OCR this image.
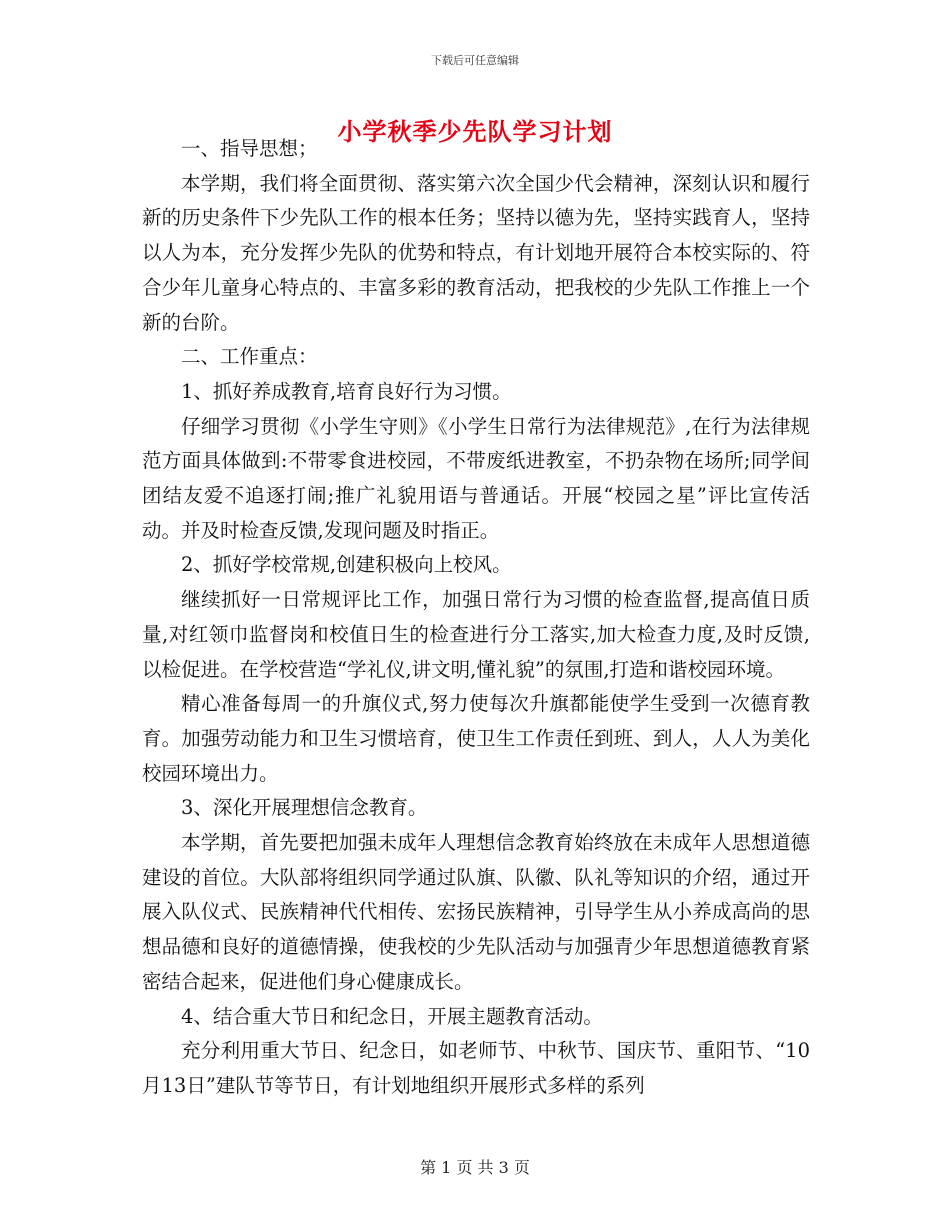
下载后可任意编辑
小学秋季少先队学习计划

一、指导思想；

本学期，我们将全面贯彻、落实第六次全国少代会精神，深刻认识和履行新的历史条件下少先队工作的根本任务；坚持以德为先，坚持实践育人，坚持以人为本，充分发挥少先队的优势和特点，有计划地开展符合本校实际的、符合少年儿童身心特点的、丰富多彩的教育活动，把我校的少先队工作推上一个新的台阶。

二、工作重点：

1、抓好养成教育,培育良好行为习惯。

仔细学习贯彻《小学生守则》《小学生日常行为法律规范》,在行为法律规范方面具体做到:不带零食进校园，不带废纸进教室，不扔杂物在场所;同学间团结友爱不追逐打闹;推广礼貌用语与普通话。开展“校园之星”评比宣传活动。并及时检查反馈,发现问题及时指正。

2、抓好学校常规,创建积极向上校风。

继续抓好一日常规评比工作，加强日常行为习惯的检查监督,提高值日质量,对红领巾监督岗和校值日生的检查进行分工落实,加大检查力度,及时反馈,以检促进。在学校营造“学礼仪,讲文明,懂礼貌”的氛围,打造和谐校园环境。

精心准备每周一的升旗仪式,努力使每次升旗都能使学生受到一次德育教育。加强劳动能力和卫生习惯培育，使卫生工作责任到班、到人，人人为美化校园环境出力。

3、深化开展理想信念教育。

本学期，首先要把加强未成年人理想信念教育始终放在未成年人思想道德建设的首位。大队部将组织同学通过队旗、队徽、队礼等知识的介绍，通过开展入队仪式、民族精神代代相传、宏扬民族精神，引导学生从小养成高尚的思想品德和良好的道德情操，使我校的少先队活动与加强青少年思想道德教育紧密结合起来，促进他们身心健康成长。

4、结合重大节日和纪念日，开展主题教育活动。

充分利用重大节日、纪念日，如老师节、中秋节、国庆节、重阳节、“10月13日”建队节等节日，有计划地组织开展形式多样的系列

第 1 页 共 3 页
